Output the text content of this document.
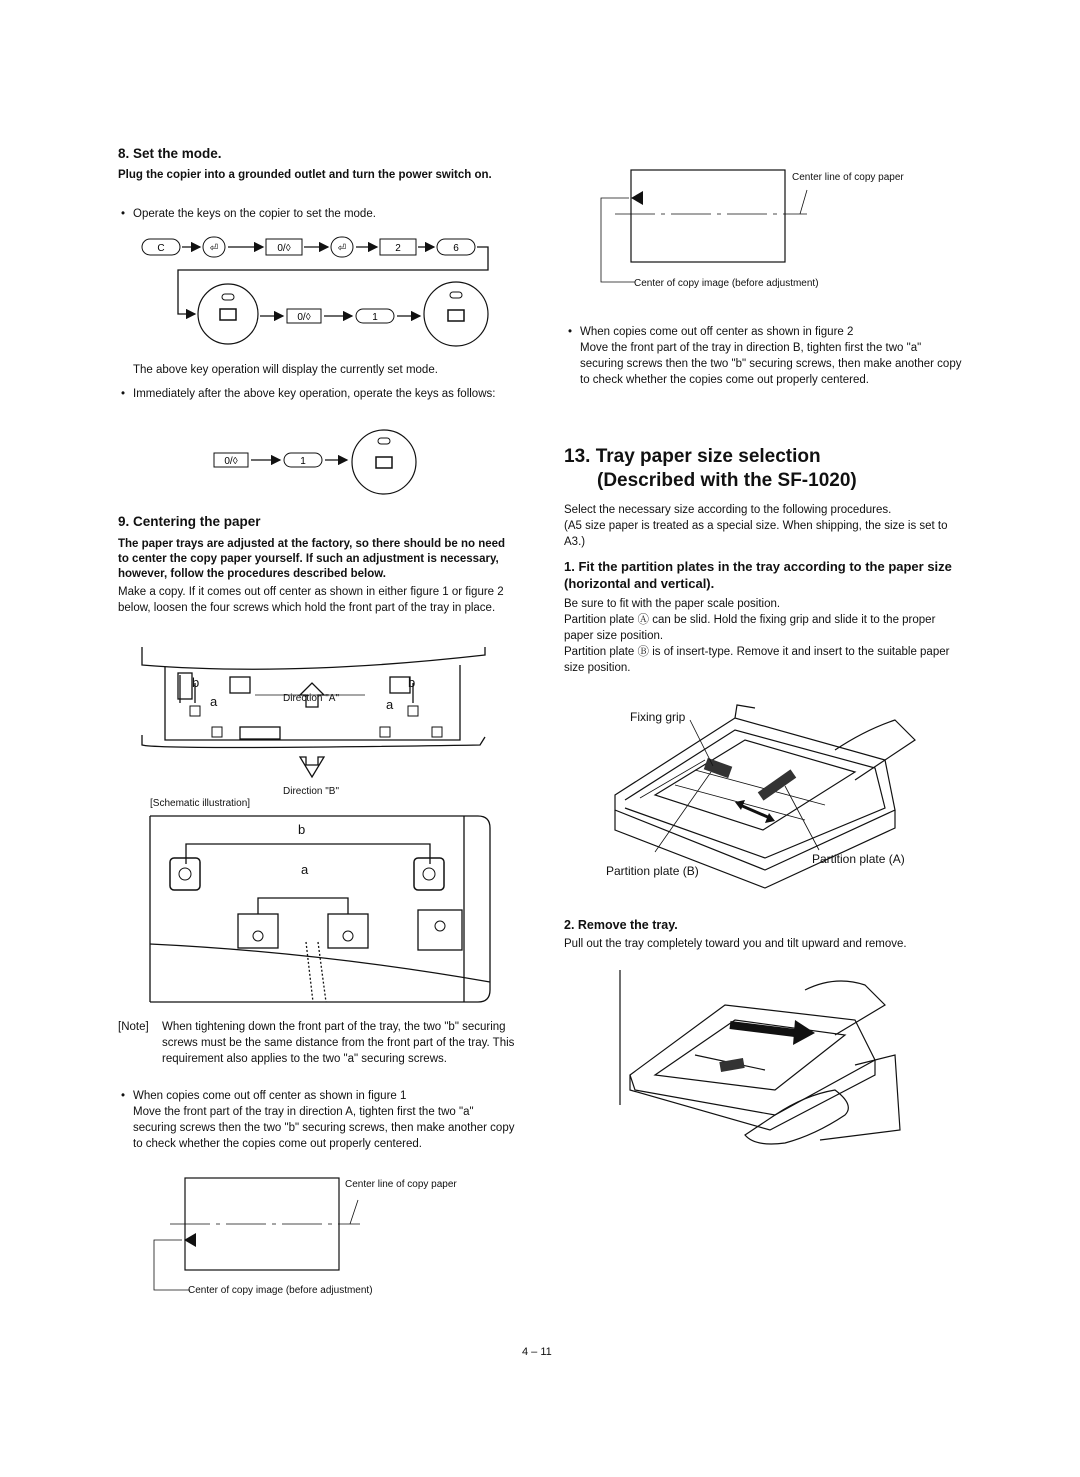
8. Set the mode.
Plug the copier into a grounded outlet and turn the power switch on.
• Operate the keys on the copier to set the mode.
C	⏎	0/◊	⏎	2	6
0/◊	1
The above key operation will display the currently set mode.
• Immediately after the above key operation, operate the keys as follows:
0/◊	1
9. Centering the paper
The paper trays are adjusted at the factory, so there should be no need to center the copy paper yourself. If such an adjustment is necessary, however, follow the procedures described below.
Make a copy. If it comes out off center as shown in either figure 1 or figure 2 below, loosen the four screws which hold the front part of the tray in place.
b
a
b
a
Direction "A"
Direction "B"
[Schematic illustration]
b
a
[Note] When tightening down the front part of the tray, the two "b" securing screws must be the same distance from the front part of the tray. This requirement also applies to the two "a" securing screws.
• When copies come out off center as shown in figure 1
Move the front part of the tray in direction A, tighten first the two "a" securing screws then the two "b" securing screws, then make another copy to check whether the copies come out properly centered.
Center line of copy paper
Center of copy image (before adjustment)
Center line of copy paper
Center of copy image (before adjustment)
• When copies come out off center as shown in figure 2
Move the front part of the tray in direction B, tighten first the two "a" securing screws then the two "b" securing screws, then make another copy to check whether the copies come out properly centered.
13. Tray paper size selection
(Described with the SF-1020)
Select the necessary size according to the following procedures.
(A5 size paper is treated as a special size. When shipping, the size is set to A3.)
1. Fit the partition plates in the tray according to the paper size (horizontal and vertical).
Be sure to fit with the paper scale position.
Partition plate Ⓐ can be slid. Hold the fixing grip and slide it to the proper paper size position.
Partition plate Ⓑ is of insert-type. Remove it and insert to the suitable paper size position.
Fixing grip
Partition plate (A)
Partition plate (B)
2. Remove the tray.
Pull out the tray completely toward you and tilt upward and remove.
4 – 11
